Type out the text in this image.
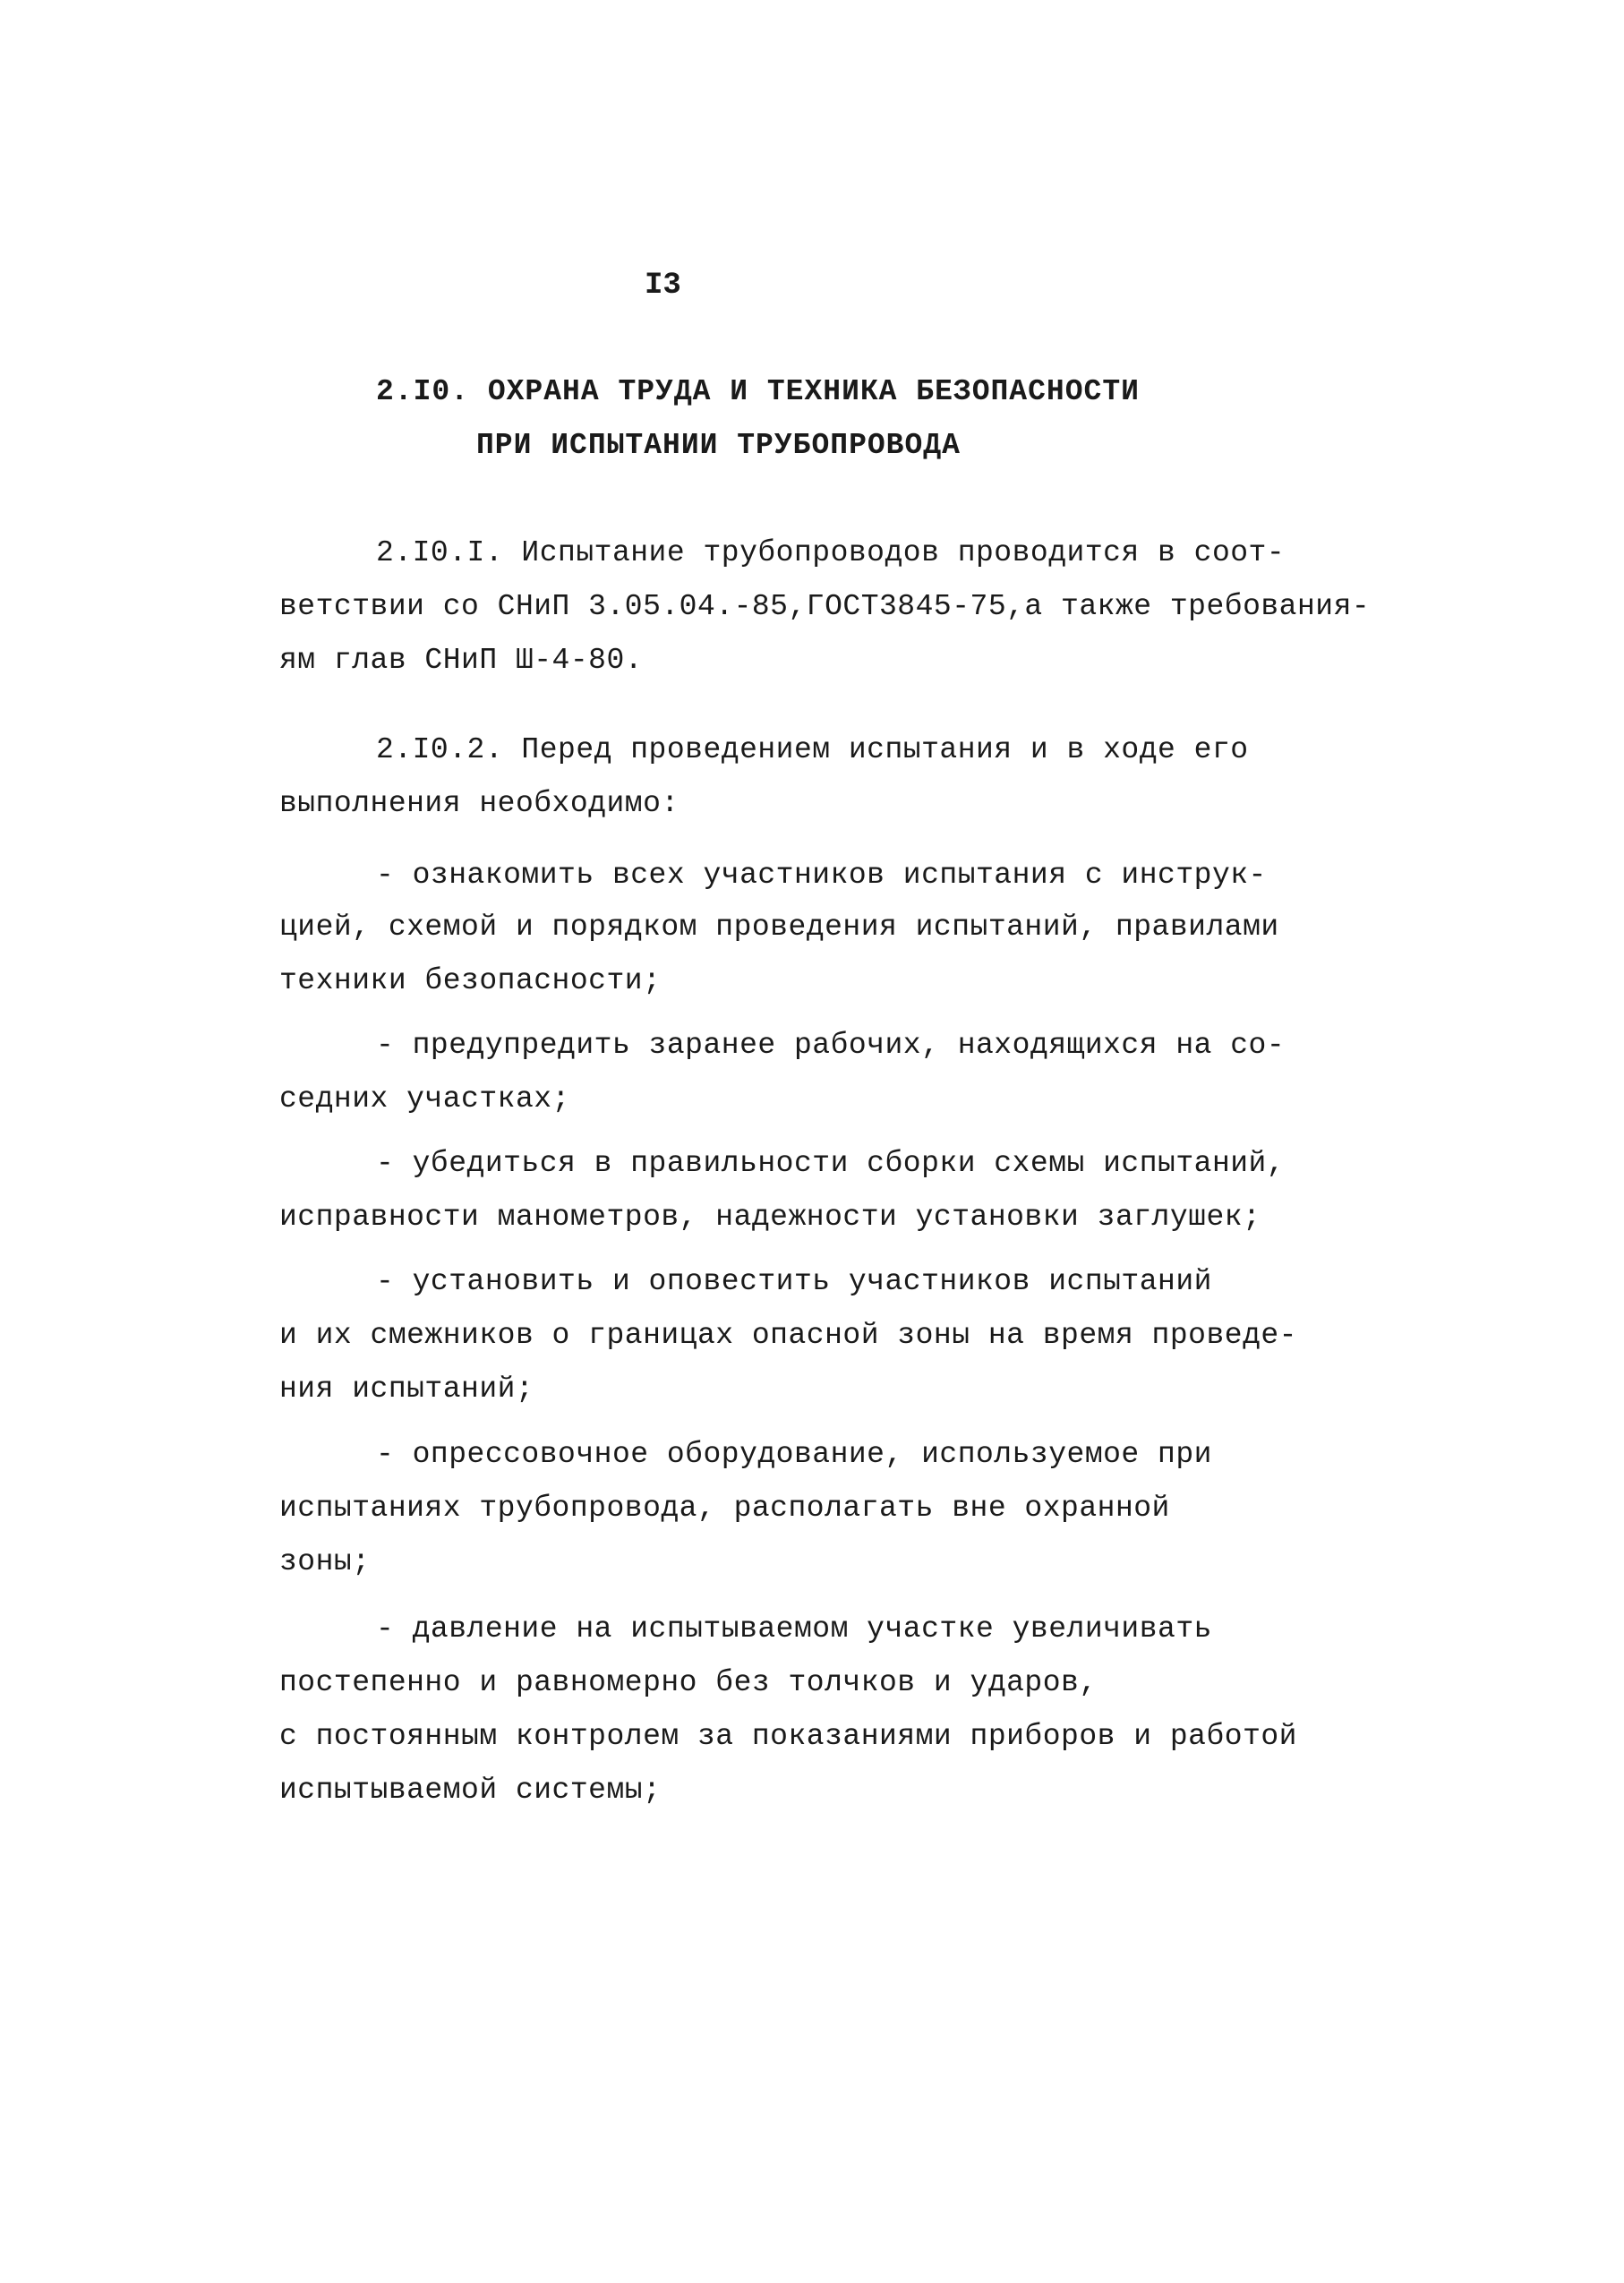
I3
2.I0. ОХРАНА ТРУДА И ТЕХНИКА БЕЗОПАСНОСТИ
ПРИ ИСПЫТАНИИ ТРУБОПРОВОДА
2.I0.I. Испытание трубопроводов проводится в соот-
ветствии со СНиП 3.05.04.-85,ГОСТ3845-75,а также требования-
ям глав СНиП Ш-4-80.
2.I0.2. Перед проведением испытания и в ходе его
выполнения необходимо:
- ознакомить всех участников испытания с инструк-
цией, схемой и порядком проведения испытаний, правилами
техники безопасности;
- предупредить заранее рабочих, находящихся на со-
седних участках;
- убедиться в правильности сборки схемы испытаний,
исправности манометров, надежности установки заглушек;
- установить и оповестить участников испытаний
и их смежников о границах опасной зоны на время проведе-
ния испытаний;
- опрессовочное оборудование, используемое при
испытаниях трубопровода, располагать вне охранной
зоны;
- давление на испытываемом участке увеличивать
постепенно и равномерно без толчков и ударов,
с постоянным контролем за показаниями приборов и работой
испытываемой системы;
